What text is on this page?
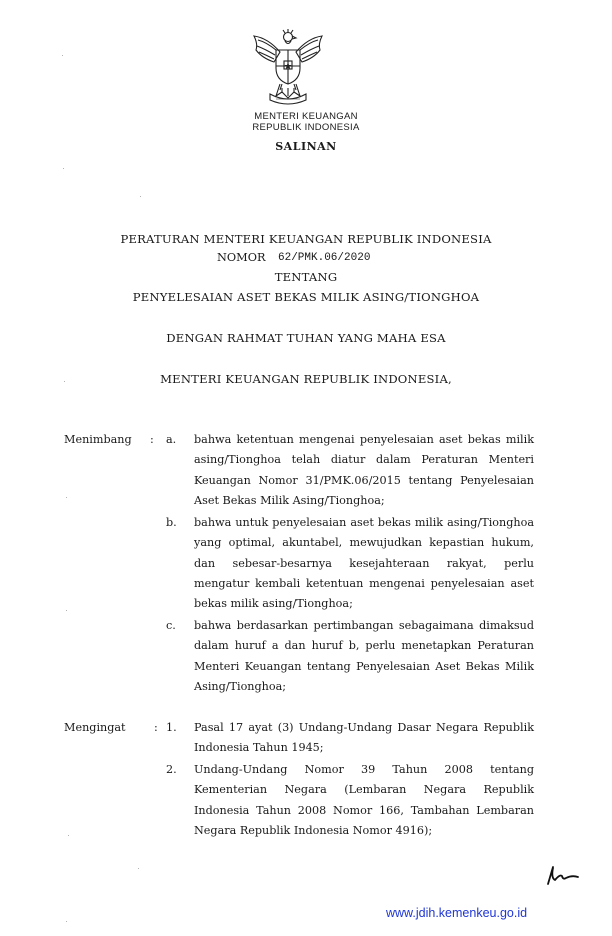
MENTERI KEUANGAN
REPUBLIK INDONESIA
SALINAN
PERATURAN MENTERI KEUANGAN REPUBLIK INDONESIA
NOMOR 62/PMK.06/2020
TENTANG
PENYELESAIAN ASET BEKAS MILIK ASING/TIONGHOA
DENGAN RAHMAT TUHAN YANG MAHA ESA
MENTERI KEUANGAN REPUBLIK INDONESIA,
Menimbang : a. bahwa ketentuan mengenai penyelesaian aset bekas milik asing/Tionghoa telah diatur dalam Peraturan Menteri Keuangan Nomor 31/PMK.06/2015 tentang Penyelesaian Aset Bekas Milik Asing/Tionghoa;

b. bahwa untuk penyelesaian aset bekas milik asing/Tionghoa yang optimal, akuntabel, mewujudkan kepastian hukum, dan sebesar-besarnya kesejahteraan rakyat, perlu mengatur kembali ketentuan mengenai penyelesaian aset bekas milik asing/Tionghoa;

c. bahwa berdasarkan pertimbangan sebagaimana dimaksud dalam huruf a dan huruf b, perlu menetapkan Peraturan Menteri Keuangan tentang Penyelesaian Aset Bekas Milik Asing/Tionghoa;

Mengingat	: 1. Pasal 17 ayat (3) Undang-Undang Dasar Negara Republik Indonesia Tahun 1945;

2. Undang-Undang Nomor 39 Tahun 2008 tentang Kementerian Negara (Lembaran Negara Republik Indonesia Tahun 2008 Nomor 166, Tambahan Lembaran Negara Republik Indonesia Nomor 4916);

www.jdih.kemenkeu.go.id
